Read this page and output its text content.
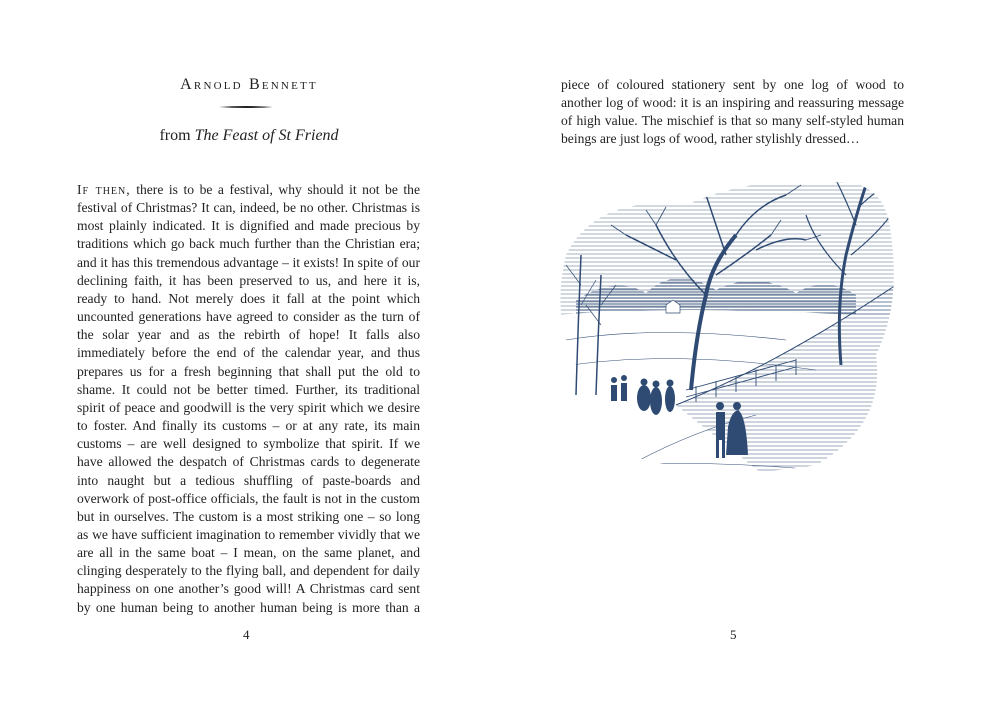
Arnold Bennett
from The Feast of St Friend

If then, there is to be a festival, why should it not be the festival of Christmas? It can, indeed, be no other. Christmas is most plainly indicated. It is dignified and made precious by traditions which go back much further than the Christian era; and it has this tremendous advantage – it exists! In spite of our declining faith, it has been preserved to us, and here it is, ready to hand. Not merely does it fall at the point which uncounted generations have agreed to consider as the turn of the solar year and as the rebirth of hope! It falls also immediately before the end of the calendar year, and thus prepares us for a fresh beginning that shall put the old to shame. It could not be better timed. Further, its traditional spirit of peace and goodwill is the very spirit which we desire to foster. And finally its customs – or at any rate, its main customs – are well designed to symbolize that spirit. If we have allowed the despatch of Christmas cards to degenerate into naught but a tedious shuffling of paste-boards and overwork of post-office officials, the fault is not in the custom but in ourselves. The custom is a most striking one – so long as we have sufficient imagination to remember vividly that we are all in the same boat – I mean, on the same planet, and clinging desperately to the flying ball, and dependent for daily happiness on one another’s good will! A Christmas card sent by one human being to another human being is more than a

4

piece of coloured stationery sent by one log of wood to another log of wood: it is an inspiring and reassuring message of high value. The mischief is that so many self-styled human beings are just logs of wood, rather stylishly dressed…

5
